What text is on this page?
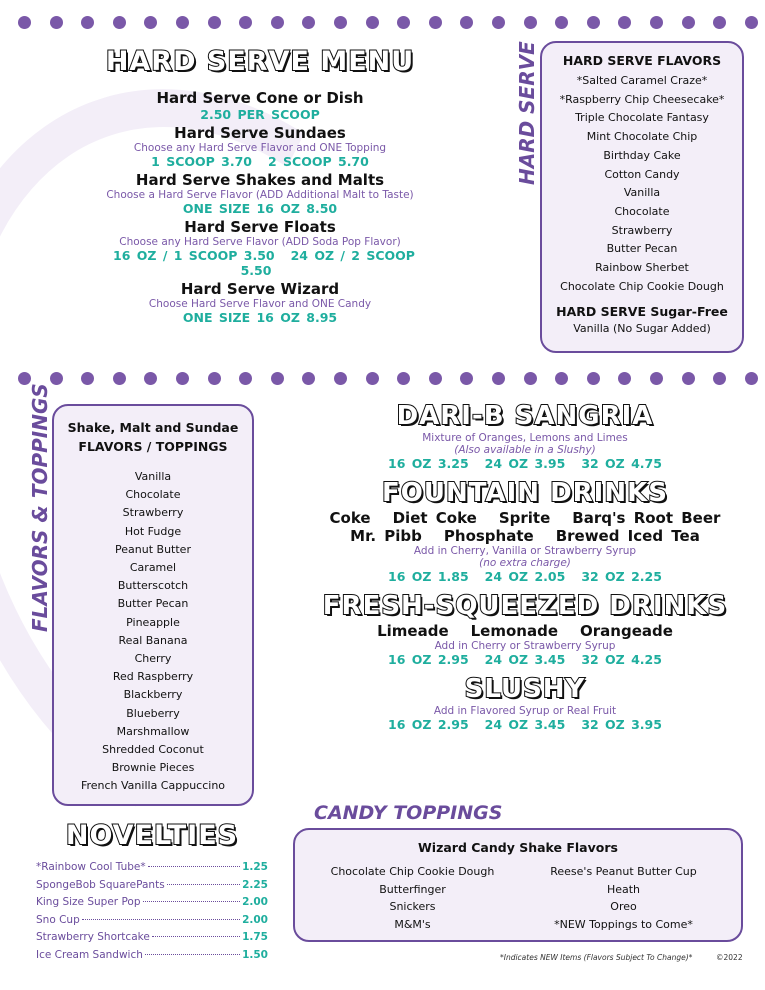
HARD SERVE MENU
Hard Serve Cone or Dish
2.50 PER SCOOP
Hard Serve Sundaes
Choose any Hard Serve Flavor and ONE Topping
1 SCOOP 3.70 2 SCOOP 5.70
Hard Serve Shakes and Malts
Choose a Hard Serve Flavor (ADD Additional Malt to Taste)
ONE SIZE 16 OZ 8.50
Hard Serve Floats
Choose any Hard Serve Flavor (ADD Soda Pop Flavor)
16 OZ / 1 SCOOP 3.50 24 OZ / 2 SCOOP 5.50
Hard Serve Wizard
Choose Hard Serve Flavor and ONE Candy
ONE SIZE 16 OZ 8.95
HARD SERVE	HARD SERVE FLAVORS
*Salted Caramel Craze*
*Raspberry Chip Cheesecake*
Triple Chocolate Fantasy
Mint Chocolate Chip
Birthday Cake
Cotton Candy
Vanilla
Chocolate
Strawberry
Butter Pecan
Rainbow Sherbet
Chocolate Chip Cookie Dough
HARD SERVE Sugar-Free
Vanilla (No Sugar Added)
FLAVORS & TOPPINGS	Shake, Malt and Sundae
FLAVORS / TOPPINGS
Vanilla
Chocolate
Strawberry
Hot Fudge
Peanut Butter
Caramel
Butterscotch
Butter Pecan
Pineapple
Real Banana
Cherry
Red Raspberry
Blackberry
Blueberry
Marshmallow
Shredded Coconut
Brownie Pieces
French Vanilla Cappuccino
DARI-B SANGRIA
Mixture of Oranges, Lemons and Limes
(Also available in a Slushy)
16 OZ 3.25 24 OZ 3.95 32 OZ 4.75
FOUNTAIN DRINKS
Coke Diet Coke Sprite Barq's Root Beer
Mr. Pibb Phosphate Brewed Iced Tea
Add in Cherry, Vanilla or Strawberry Syrup
(no extra charge)
16 OZ 1.85 24 OZ 2.05 32 OZ 2.25
FRESH-SQUEEZED DRINKS
Limeade Lemonade Orangeade
Add in Cherry or Strawberry Syrup
16 OZ 2.95 24 OZ 3.45 32 OZ 4.25
SLUSHY
Add in Flavored Syrup or Real Fruit
16 OZ 2.95 24 OZ 3.45 32 OZ 3.95
NOVELTIES
*Rainbow Cool Tube*	1.25
SpongeBob SquarePants	2.25
King Size Super Pop	2.00
Sno Cup	2.00
Strawberry Shortcake	1.75
Ice Cream Sandwich	1.50
CANDY TOPPINGS
Wizard Candy Shake Flavors
Chocolate Chip Cookie Dough	Reese's Peanut Butter Cup
Butterfinger	Heath
Snickers	Oreo
M&M's	*NEW Toppings to Come*
*Indicates NEW Items (Flavors Subject To Change)*	©2022
